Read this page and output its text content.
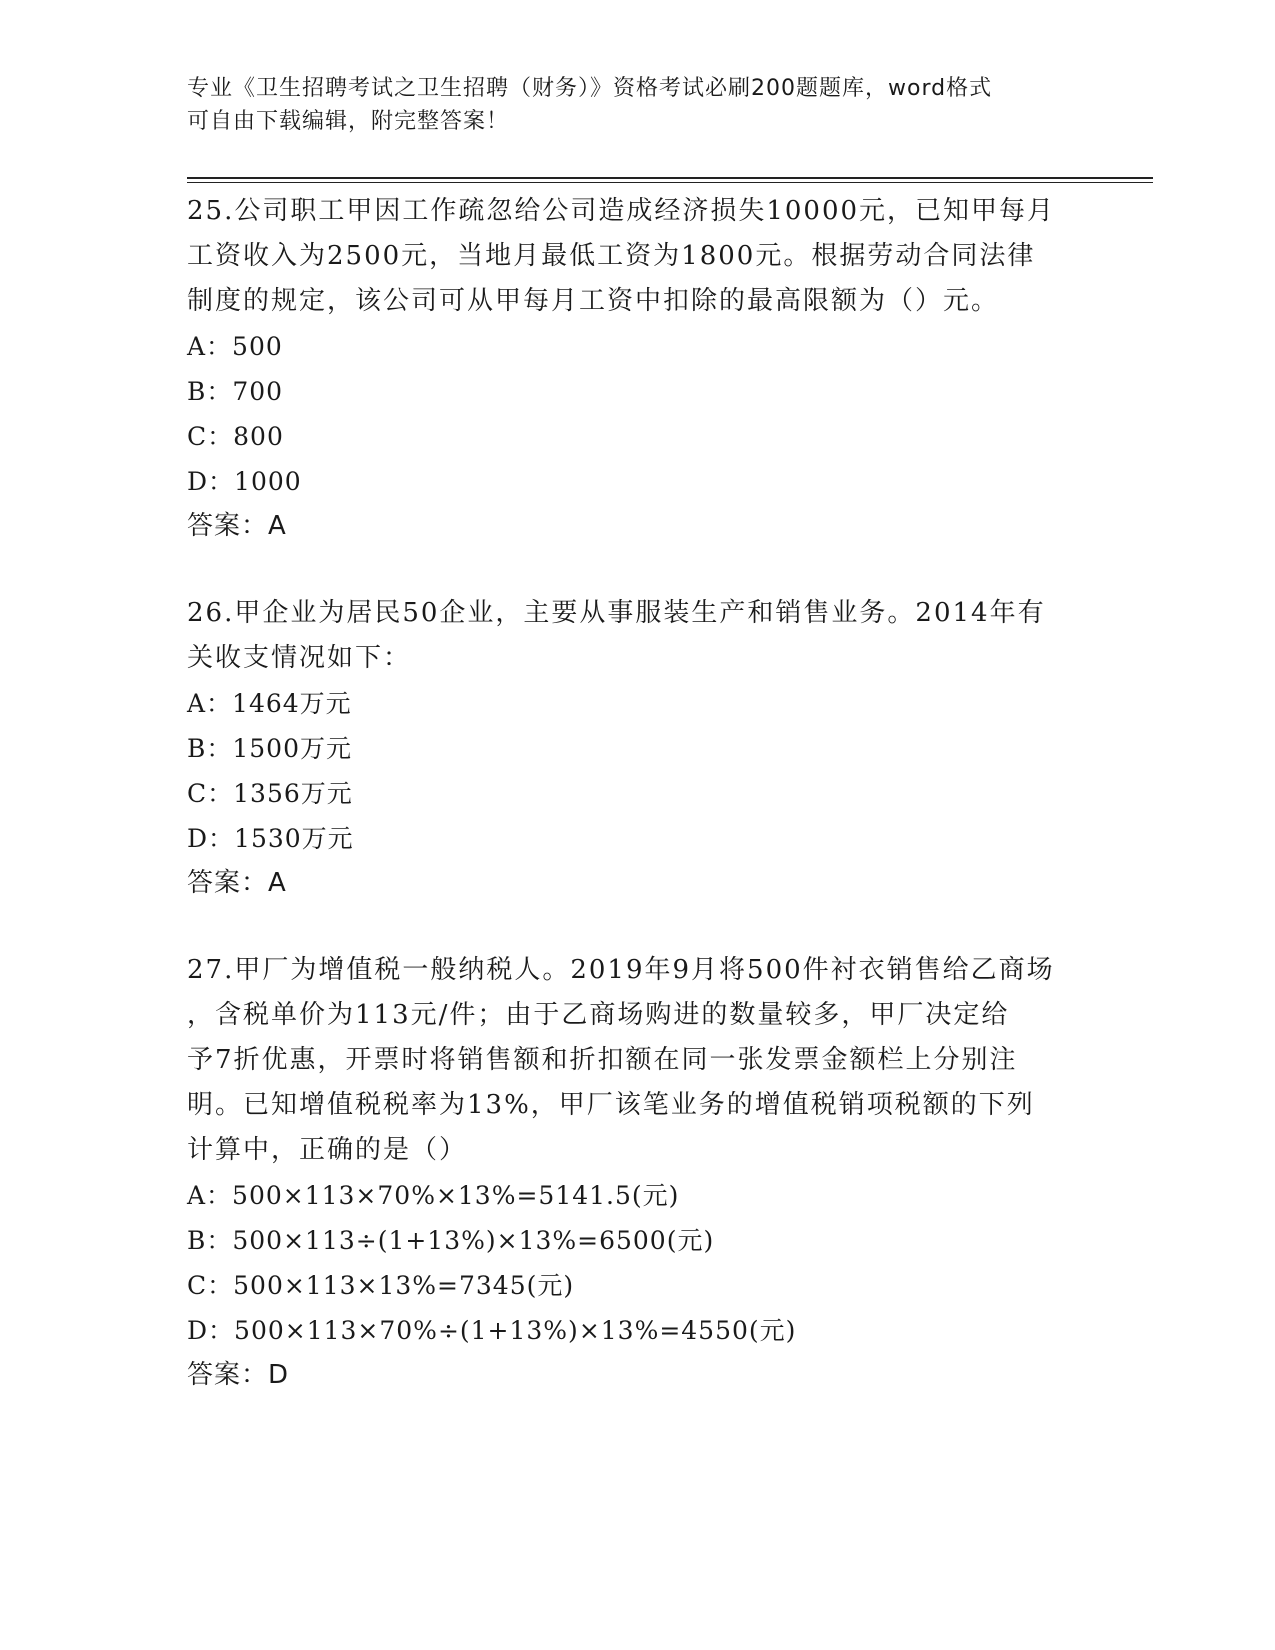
专业《卫生招聘考试之卫生招聘（财务）》资格考试必刷200题题库，word格式
可自由下载编辑，附完整答案！
25.公司职工甲因工作疏忽给公司造成经济损失10000元，已知甲每月
工资收入为2500元，当地月最低工资为1800元。根据劳动合同法律
制度的规定，该公司可从甲每月工资中扣除的最高限额为（）元。
A：500
B：700
C：800
D：1000
答案：A
26.甲企业为居民50企业，主要从事服装生产和销售业务。2014年有
关收支情况如下：
A：1464万元
B：1500万元
C：1356万元
D：1530万元
答案：A
27.甲厂为增值税一般纳税人。2019年9月将500件衬衣销售给乙商场
，含税单价为113元/件；由于乙商场购进的数量较多，甲厂决定给
予7折优惠，开票时将销售额和折扣额在同一张发票金额栏上分别注
明。已知增值税税率为13%，甲厂该笔业务的增值税销项税额的下列
计算中，正确的是（）
A：500×113×70%×13%=5141.5(元)
B：500×113÷(1+13%)×13%=6500(元)
C：500×113×13%=7345(元)
D：500×113×70%÷(1+13%)×13%=4550(元)
答案：D
